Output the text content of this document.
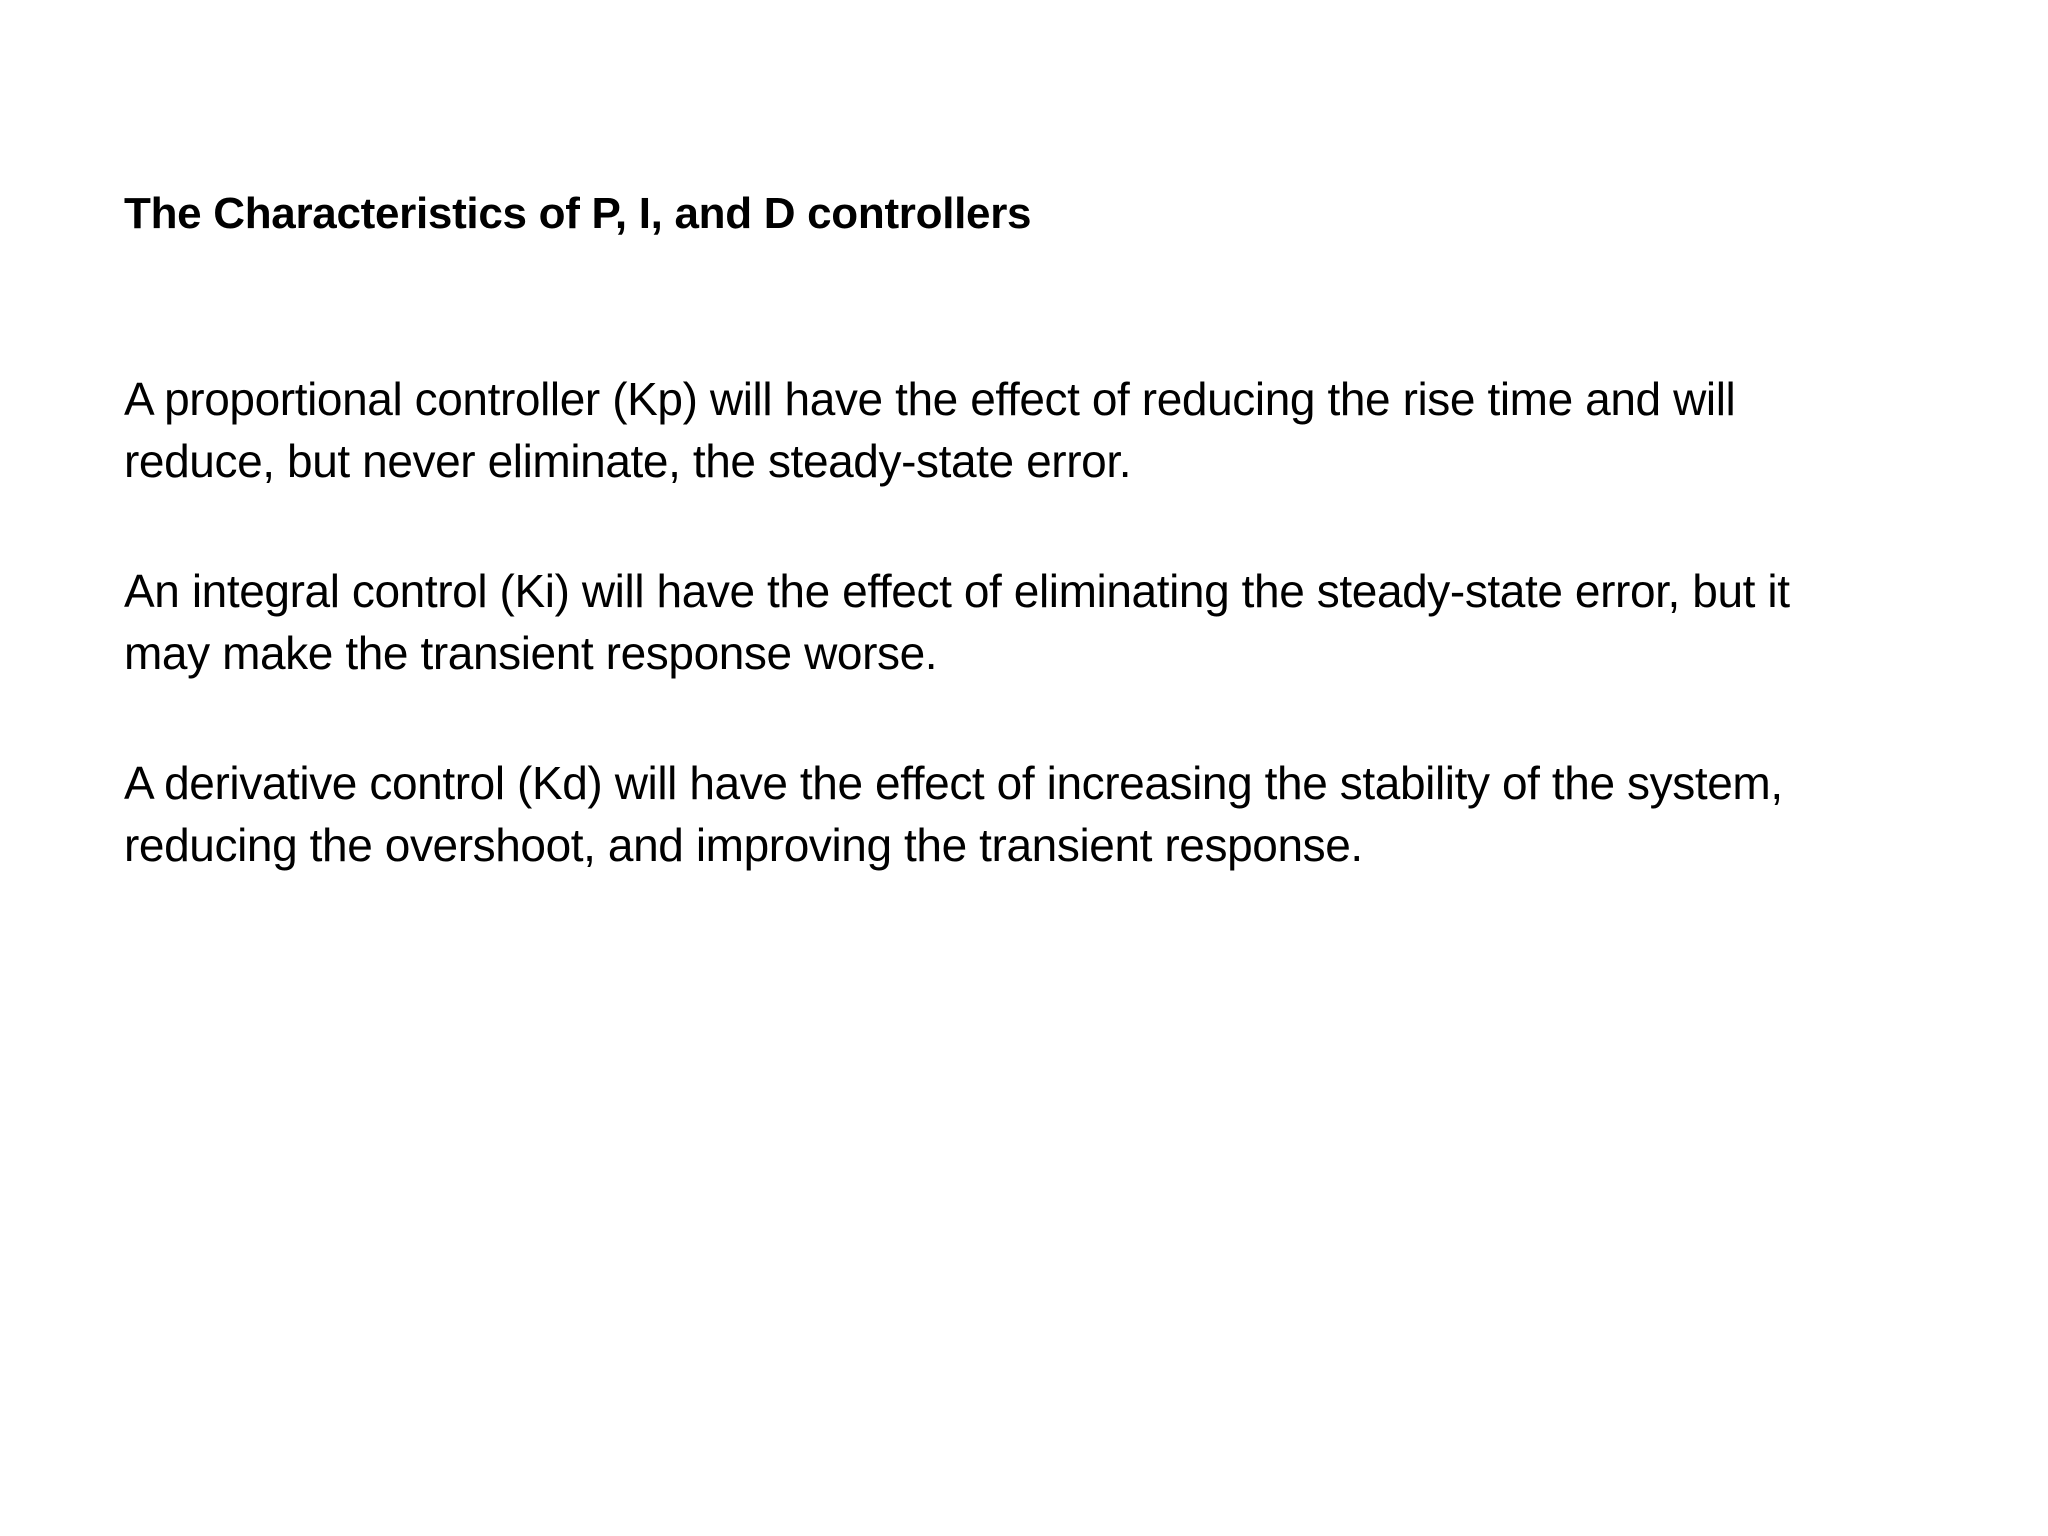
The Characteristics of P, I, and D controllers

A proportional controller (Kp) will have the effect of reducing the rise time and will
reduce, but never eliminate, the steady-state error.

An integral control (Ki) will have the effect of eliminating the steady-state error, but it
may make the transient response worse.

A derivative control (Kd) will have the effect of increasing the stability of the system,
reducing the overshoot, and improving the transient response.
